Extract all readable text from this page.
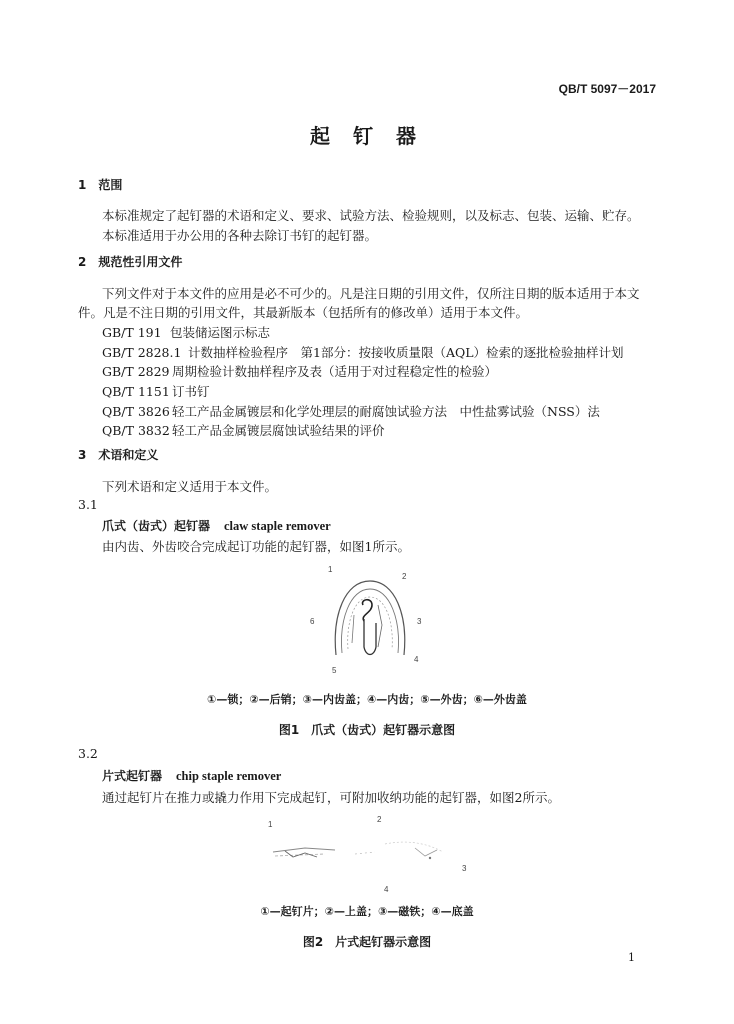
QB/T 5097－2017
起 钉 器
1　范围
本标准规定了起钉器的术语和定义、要求、试验方法、检验规则，以及标志、包装、运输、贮存。
本标准适用于办公用的各种去除订书钉的起钉器。
2　规范性引用文件
下列文件对于本文件的应用是必不可少的。凡是注日期的引用文件，仅所注日期的版本适用于本文
件。凡是不注日期的引用文件，其最新版本（包括所有的修改单）适用于本文件。
GB/T 191 包装储运图示标志
GB/T 2828.1 计数抽样检验程序　第1部分：按接收质量限（AQL）检索的逐批检验抽样计划
GB/T 2829 周期检验计数抽样程序及表（适用于对过程稳定性的检验）
QB/T 1151 订书钉
QB/T 3826 轻工产品金属镀层和化学处理层的耐腐蚀试验方法　中性盐雾试验（NSS）法
QB/T 3832 轻工产品金属镀层腐蚀试验结果的评价
3　术语和定义
下列术语和定义适用于本文件。
3.1
爪式（齿式）起钉器 claw staple remover
由内齿、外齿咬合完成起订功能的起钉器，如图1所示。
1
2
3
4
5
6
①—锁；②—后销；③—内齿盖；④—内齿；⑤—外齿；⑥—外齿盖
图1　爪式（齿式）起钉器示意图
3.2
片式起钉器 chip staple remover
通过起钉片在推力或撬力作用下完成起钉，可附加收纳功能的起钉器，如图2所示。
1
2
3
4
①—起钉片；②—上盖；③—磁铁；④—底盖
图2　片式起钉器示意图
1
